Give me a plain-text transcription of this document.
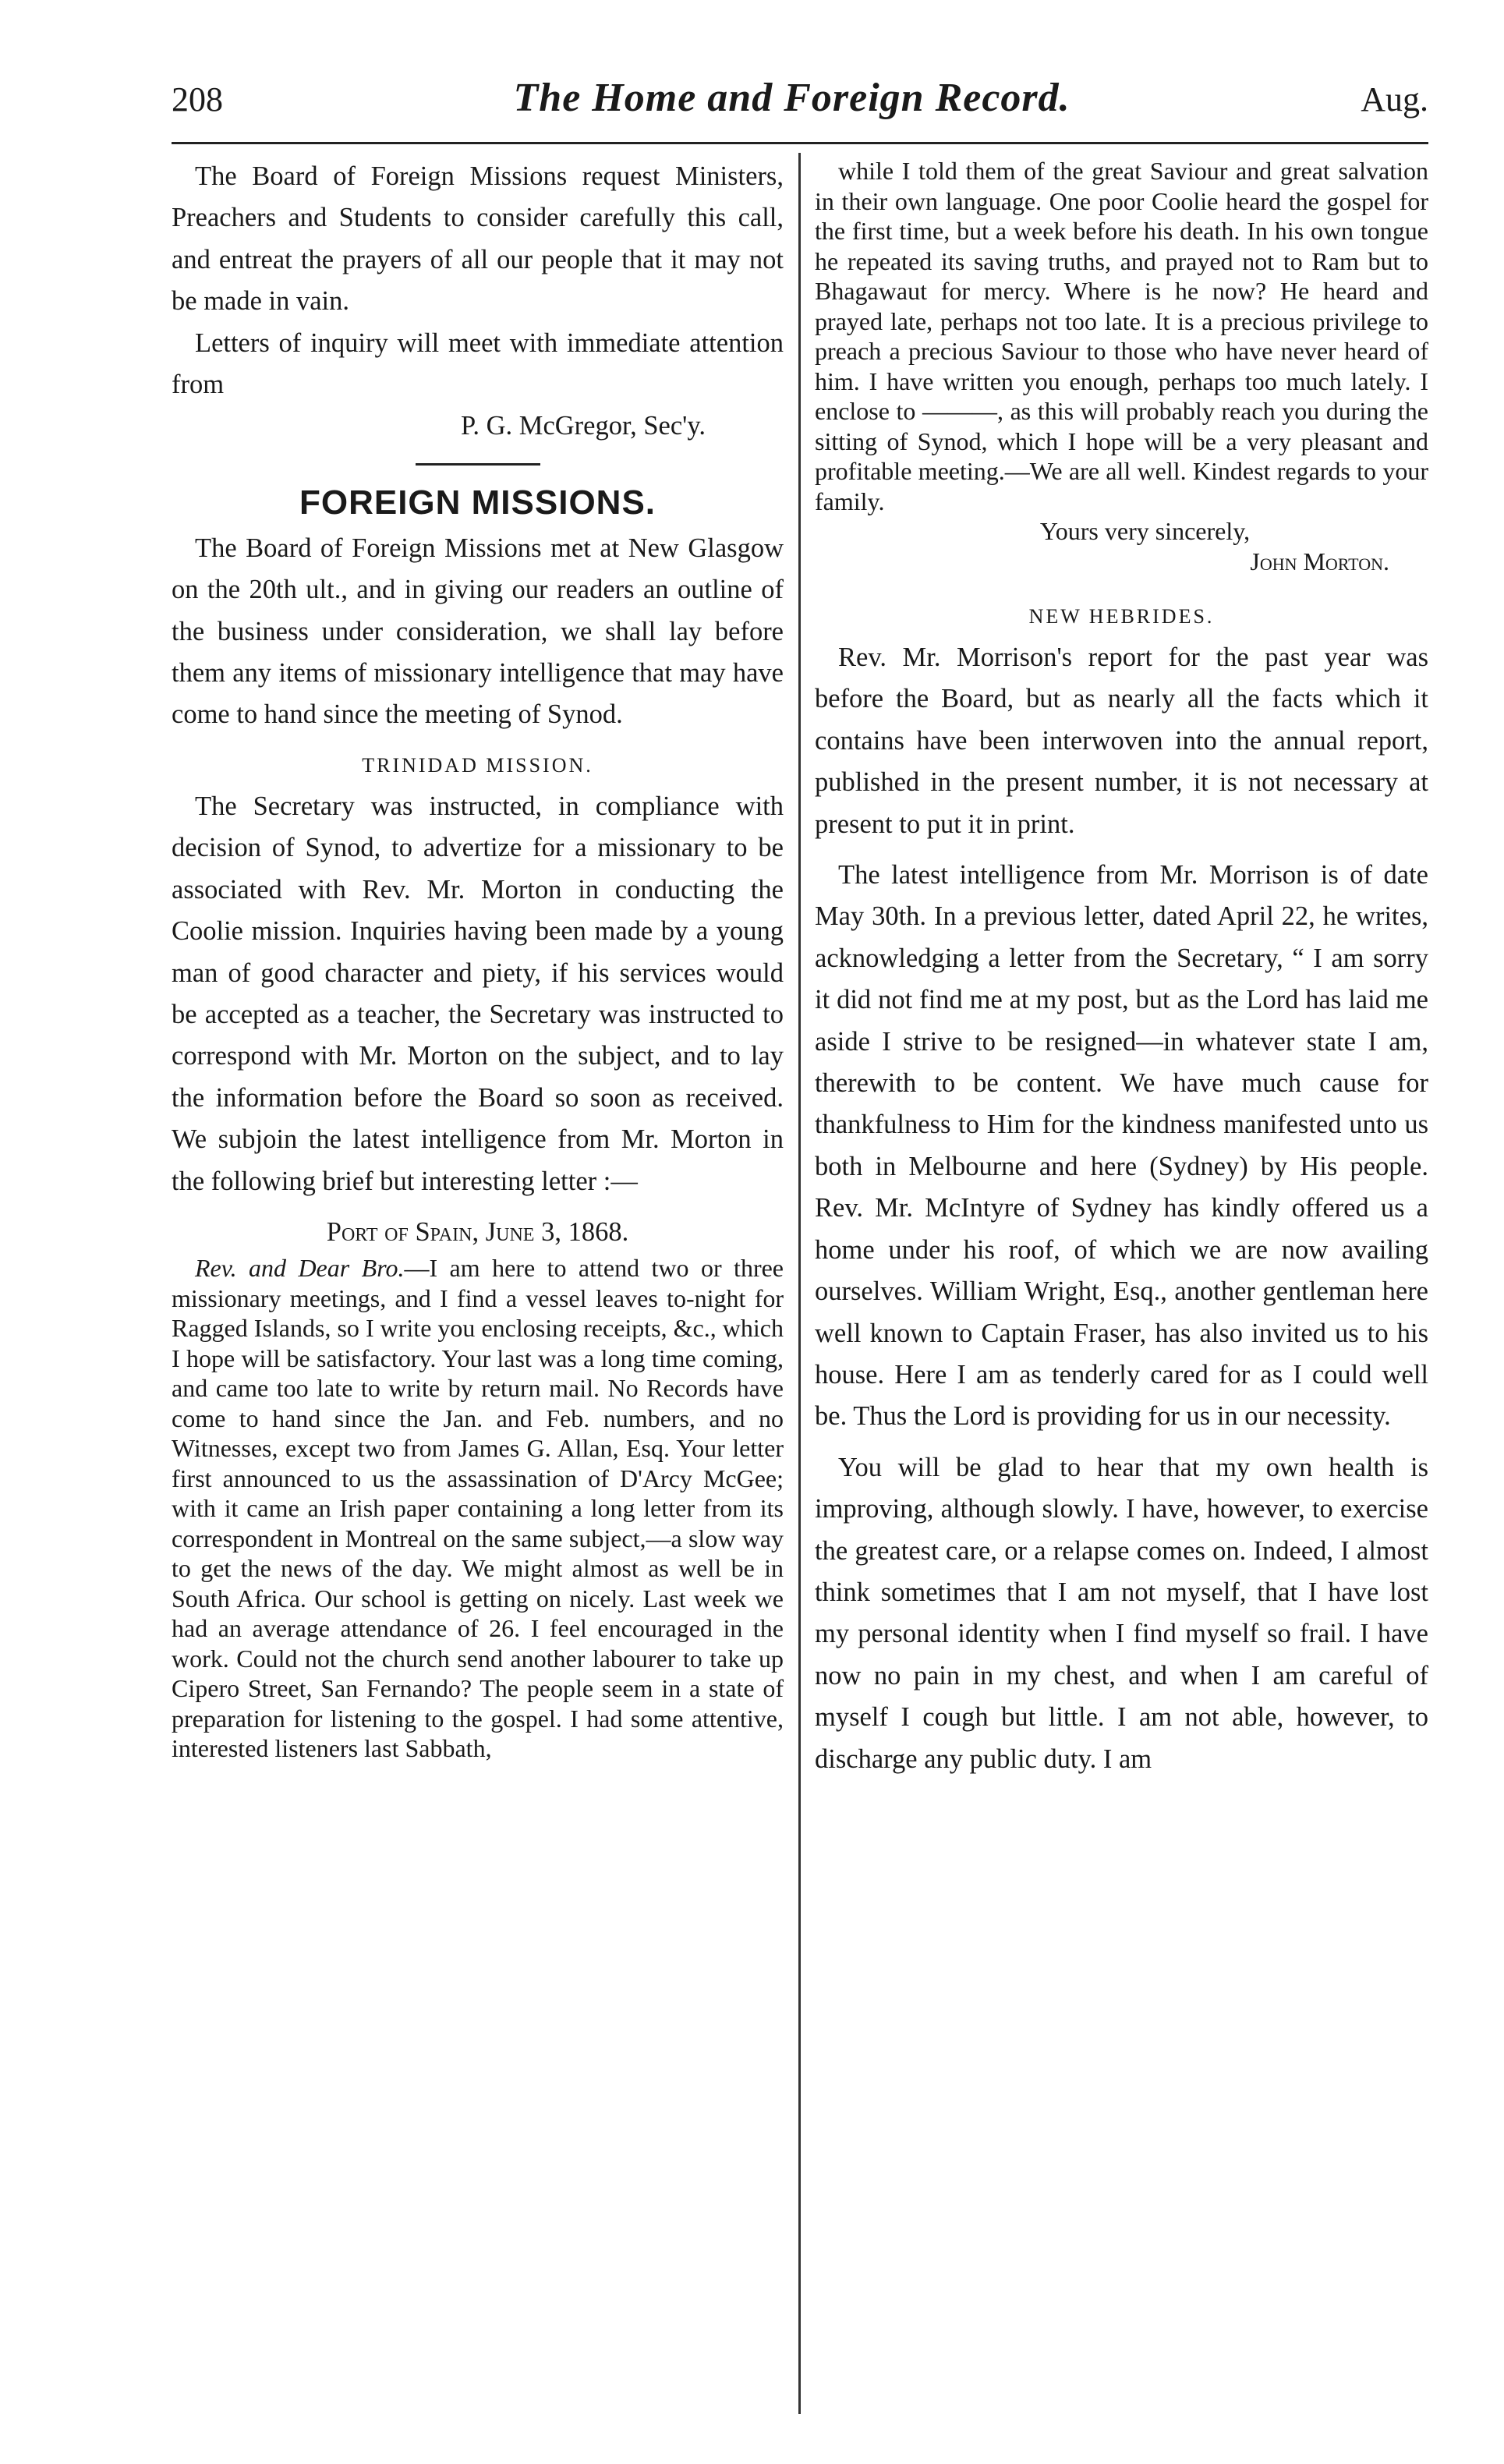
208	The Home and Foreign Record.	Aug.

The Board of Foreign Missions request Ministers, Preachers and Students to consider carefully this call, and entreat the prayers of all our people that it may not be made in vain.

Letters of inquiry will meet with immediate attention from

P. G. McGregor, Sec'y.

FOREIGN MISSIONS.

The Board of Foreign Missions met at New Glasgow on the 20th ult., and in giving our readers an outline of the business under consideration, we shall lay before them any items of missionary intelligence that may have come to hand since the meeting of Synod.

TRINIDAD MISSION.

The Secretary was instructed, in compliance with decision of Synod, to advertize for a missionary to be associated with Rev. Mr. Morton in conducting the Coolie mission. Inquiries having been made by a young man of good character and piety, if his services would be accepted as a teacher, the Secretary was instructed to correspond with Mr. Morton on the subject, and to lay the information before the Board so soon as received. We subjoin the latest intelligence from Mr. Morton in the following brief but interesting letter :—

Port of Spain, June 3, 1868.

Rev. and Dear Bro.—I am here to attend two or three missionary meetings, and I find a vessel leaves to-night for Ragged Islands, so I write you enclosing receipts, &c., which I hope will be satisfactory. Your last was a long time coming, and came too late to write by return mail. No Records have come to hand since the Jan. and Feb. numbers, and no Witnesses, except two from James G. Allan, Esq. Your letter first announced to us the assassination of D'Arcy McGee; with it came an Irish paper containing a long letter from its correspondent in Montreal on the same subject,—a slow way to get the news of the day. We might almost as well be in South Africa. Our school is getting on nicely. Last week we had an average attendance of 26. I feel encouraged in the work. Could not the church send another labourer to take up Cipero Street, San Fernando? The people seem in a state of preparation for listening to the gospel. I had some attentive, interested listeners last Sabbath,

while I told them of the great Saviour and great salvation in their own language. One poor Coolie heard the gospel for the first time, but a week before his death. In his own tongue he repeated its saving truths, and prayed not to Ram but to Bhagawaut for mercy. Where is he now? He heard and prayed late, perhaps not too late. It is a precious privilege to preach a precious Saviour to those who have never heard of him. I have written you enough, perhaps too much lately. I enclose to ———, as this will probably reach you during the sitting of Synod, which I hope will be a very pleasant and profitable meeting.—We are all well. Kindest regards to your family.

Yours very sincerely,

John Morton.

NEW HEBRIDES.

Rev. Mr. Morrison's report for the past year was before the Board, but as nearly all the facts which it contains have been interwoven into the annual report, published in the present number, it is not necessary at present to put it in print.

The latest intelligence from Mr. Morrison is of date May 30th. In a previous letter, dated April 22, he writes, acknowledging a letter from the Secretary, “ I am sorry it did not find me at my post, but as the Lord has laid me aside I strive to be resigned—in whatever state I am, therewith to be content. We have much cause for thankfulness to Him for the kindness manifested unto us both in Melbourne and here (Sydney) by His people. Rev. Mr. McIntyre of Sydney has kindly offered us a home under his roof, of which we are now availing ourselves. William Wright, Esq., another gentleman here well known to Captain Fraser, has also invited us to his house. Here I am as tenderly cared for as I could well be. Thus the Lord is providing for us in our necessity.

You will be glad to hear that my own health is improving, although slowly. I have, however, to exercise the greatest care, or a relapse comes on. Indeed, I almost think sometimes that I am not myself, that I have lost my personal identity when I find myself so frail. I have now no pain in my chest, and when I am careful of myself I cough but little. I am not able, however, to discharge any public duty. I am
